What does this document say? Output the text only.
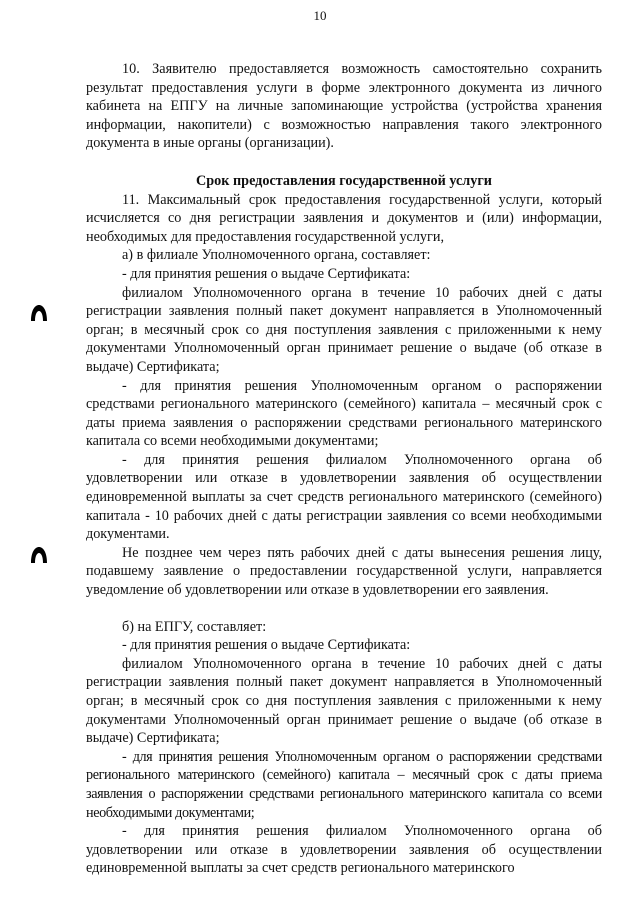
10

10. Заявителю предоставляется возможность самостоятельно сохранить результат предоставления услуги в форме электронного документа из личного кабинета на ЕПГУ на личные запоминающие устройства (устройства хранения информации, накопители) с возможностью направления такого электронного документа в иные органы (организации).

Срок предоставления государственной услуги

11. Максимальный срок предоставления государственной услуги, который исчисляется со дня регистрации заявления и документов и (или) информации, необходимых для предоставления государственной услуги,

а) в филиале Уполномоченного органа, составляет:

- для принятия решения о выдаче Сертификата:

филиалом Уполномоченного органа в течение 10 рабочих дней с даты регистрации заявления полный пакет документ направляется в Уполномоченный орган; в месячный срок со дня поступления заявления с приложенными к нему документами Уполномоченный орган принимает решение о выдаче (об отказе в выдаче) Сертификата;

- для принятия решения Уполномоченным органом о распоряжении средствами регионального материнского (семейного) капитала – месячный срок с даты приема заявления о распоряжении средствами регионального материнского капитала со всеми необходимыми документами;

- для принятия решения филиалом Уполномоченного органа об удовлетворении или отказе в удовлетворении заявления об осуществлении единовременной выплаты за счет средств регионального материнского (семейного) капитала - 10 рабочих дней с даты регистрации заявления со всеми необходимыми документами.

Не позднее чем через пять рабочих дней с даты вынесения решения лицу, подавшему заявление о предоставлении государственной услуги, направляется уведомление об удовлетворении или отказе в удовлетворении его заявления.

б) на ЕПГУ, составляет:

- для принятия решения о выдаче Сертификата:

филиалом Уполномоченного органа в течение 10 рабочих дней с даты регистрации заявления полный пакет документ направляется в Уполномоченный орган; в месячный срок со дня поступления заявления с приложенными к нему документами Уполномоченный орган принимает решение о выдаче (об отказе в выдаче) Сертификата;

- для принятия решения Уполномоченным органом о распоряжении средствами регионального материнского (семейного) капитала – месячный срок с даты приема заявления о распоряжении средствами регионального материнского капитала со всеми необходимыми документами;

- для принятия решения филиалом Уполномоченного органа об удовлетворении или отказе в удовлетворении заявления об осуществлении единовременной выплаты за счет средств регионального материнского
